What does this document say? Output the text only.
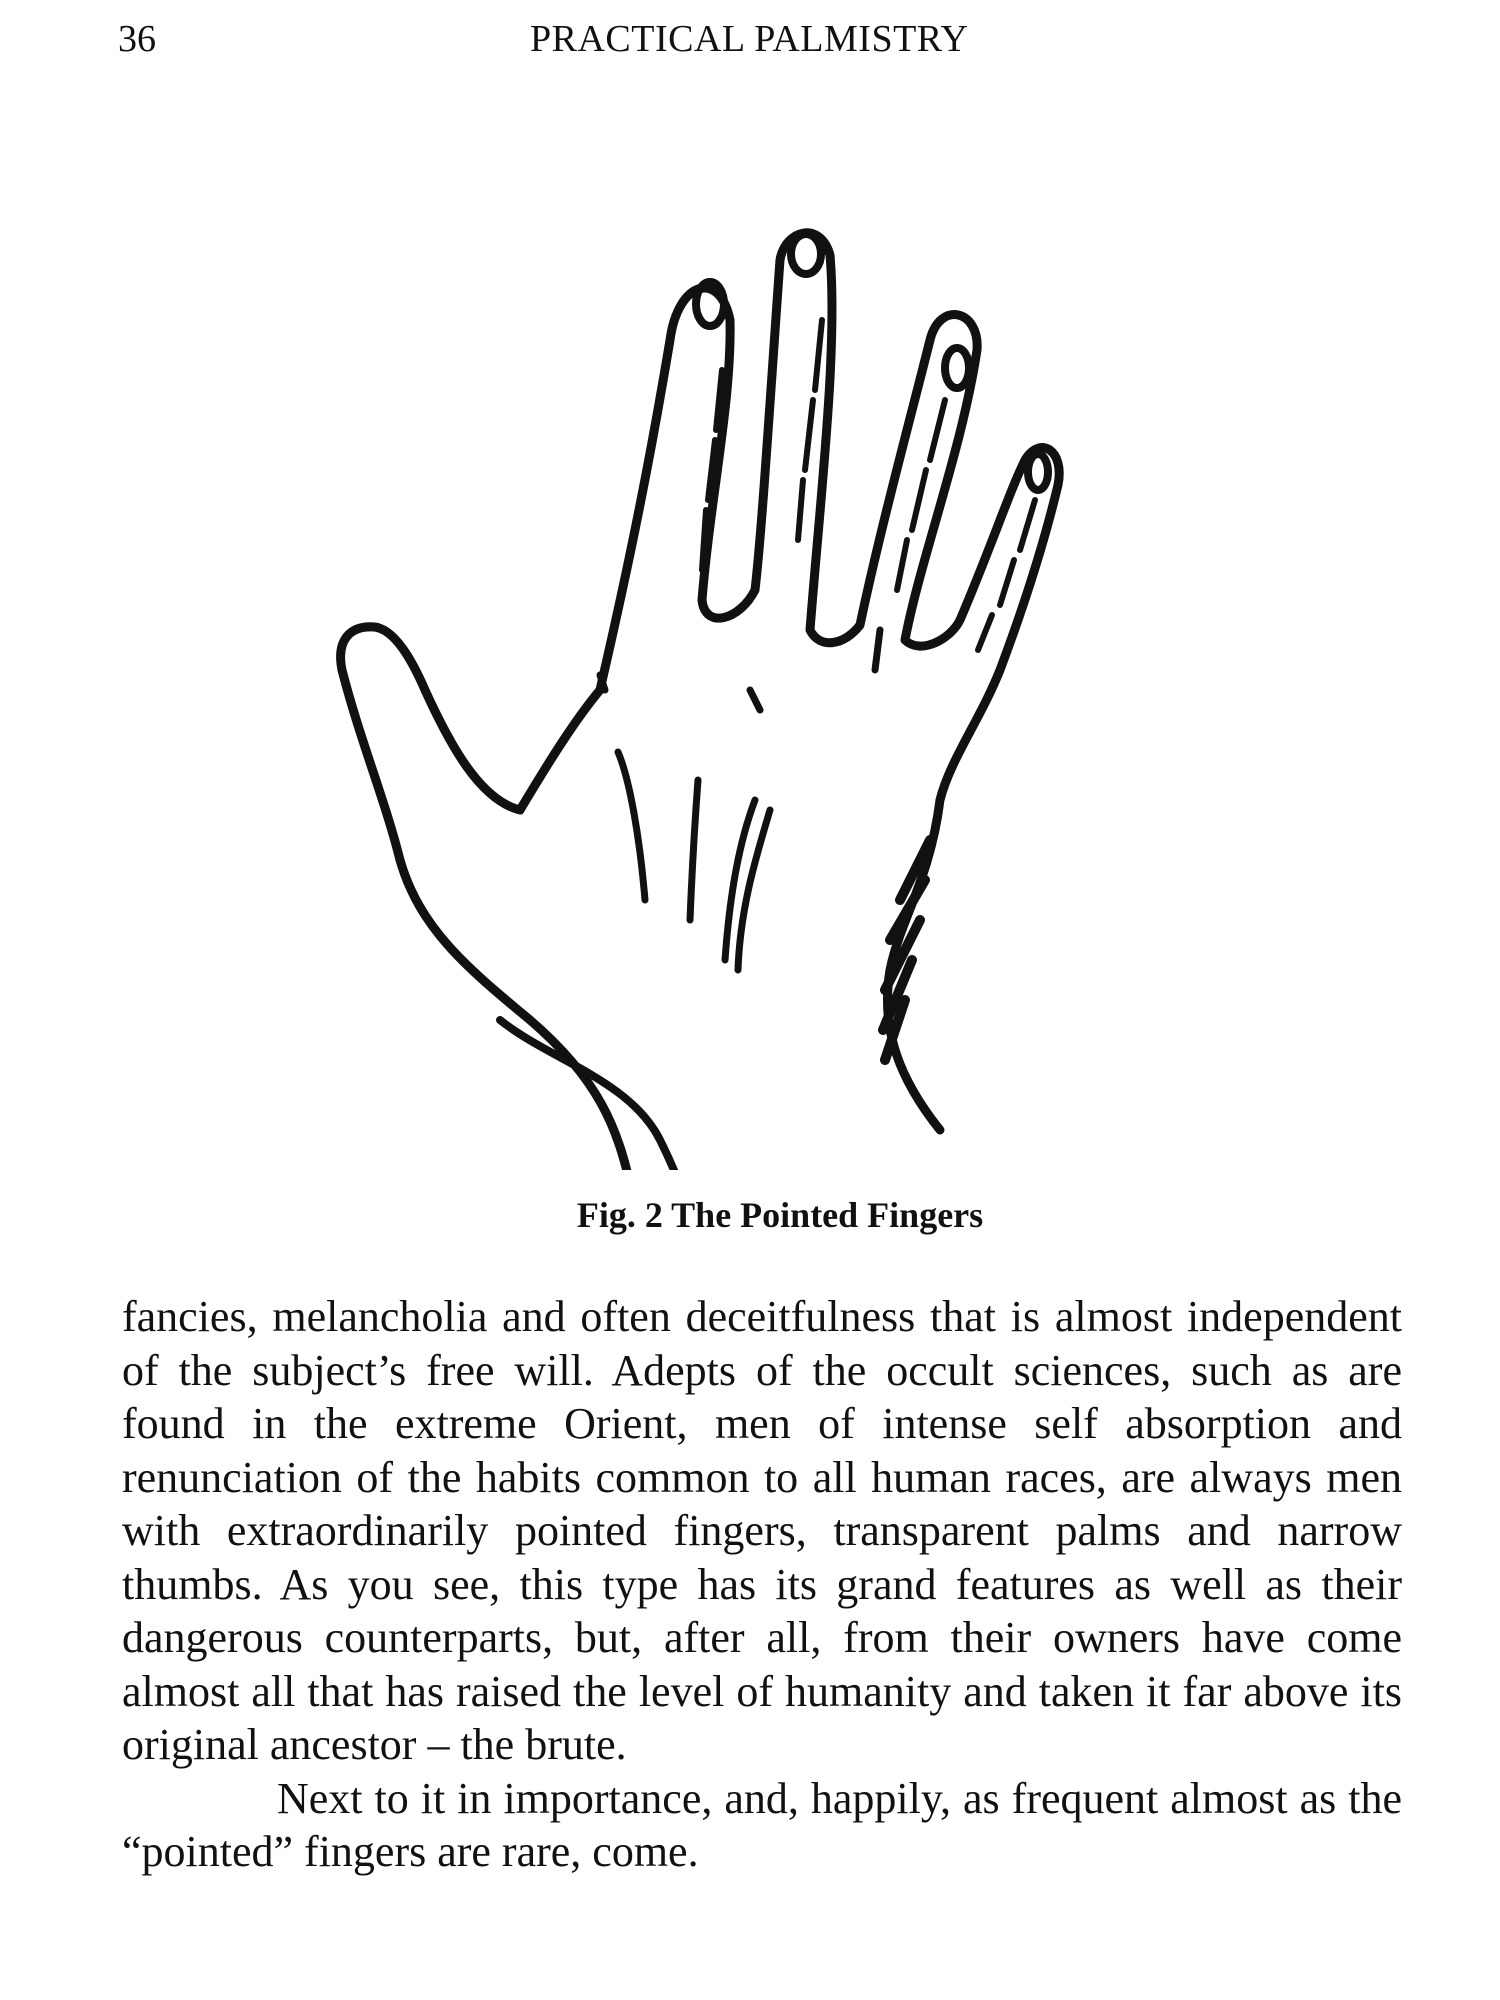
36	PRACTICAL PALMISTRY
Fig. 2 The Pointed Fingers

fancies, melancholia and often deceitfulness that is almost independent of the subject’s free will. Adepts of the occult sciences, such as are found in the extreme Orient, men of intense self absorption and renunciation of the habits common to all human races, are always men with extraordinarily pointed fingers, transparent palms and narrow thumbs. As you see, this type has its grand features as well as their dangerous counterparts, but, after all, from their owners have come almost all that has raised the level of humanity and taken it far above its original ancestor – the brute.

Next to it in importance, and, happily, as frequent almost as the “pointed” fingers are rare, come.
